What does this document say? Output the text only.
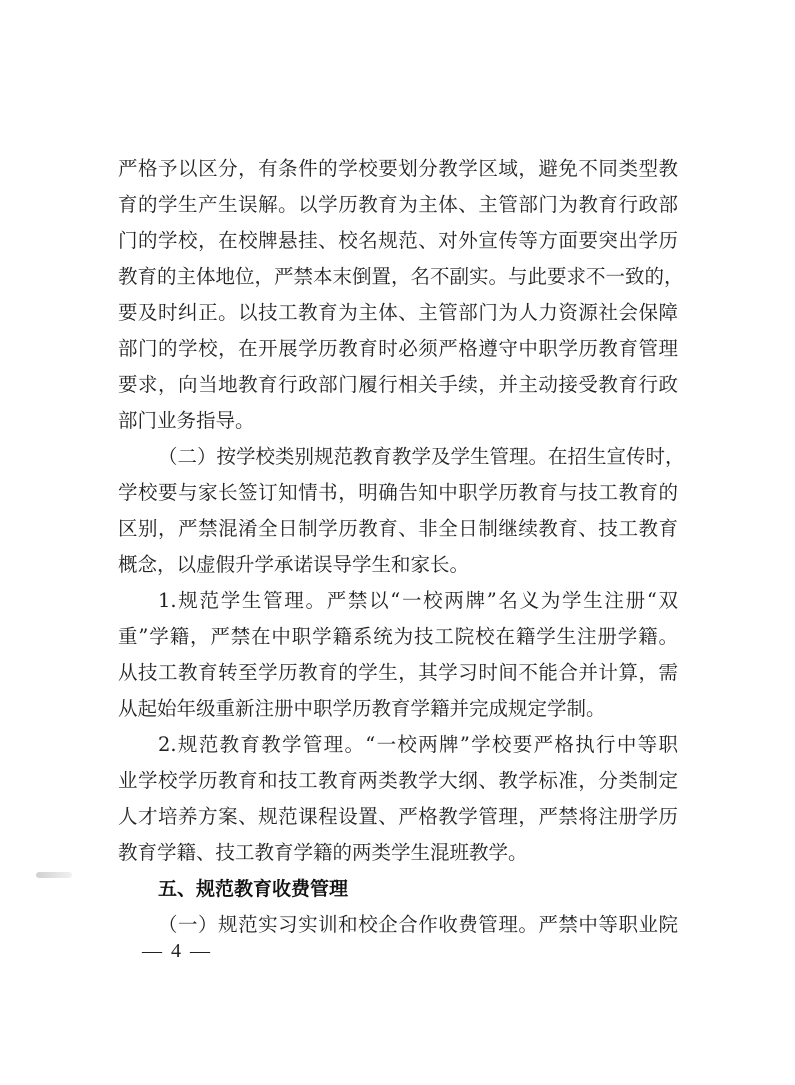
严格予以区分，有条件的学校要划分教学区域，避免不同类型教
育的学生产生误解。以学历教育为主体、主管部门为教育行政部
门的学校，在校牌悬挂、校名规范、对外宣传等方面要突出学历
教育的主体地位，严禁本末倒置，名不副实。与此要求不一致的，
要及时纠正。以技工教育为主体、主管部门为人力资源社会保障
部门的学校，在开展学历教育时必须严格遵守中职学历教育管理
要求，向当地教育行政部门履行相关手续，并主动接受教育行政
部门业务指导。
（二）按学校类别规范教育教学及学生管理。在招生宣传时，
学校要与家长签订知情书，明确告知中职学历教育与技工教育的
区别，严禁混淆全日制学历教育、非全日制继续教育、技工教育
概念，以虚假升学承诺误导学生和家长。
1.规范学生管理。严禁以“一校两牌”名义为学生注册“双
重”学籍，严禁在中职学籍系统为技工院校在籍学生注册学籍。
从技工教育转至学历教育的学生，其学习时间不能合并计算，需
从起始年级重新注册中职学历教育学籍并完成规定学制。
2.规范教育教学管理。“一校两牌”学校要严格执行中等职
业学校学历教育和技工教育两类教学大纲、教学标准，分类制定
人才培养方案、规范课程设置、严格教学管理，严禁将注册学历
教育学籍、技工教育学籍的两类学生混班教学。
五、规范教育收费管理
（一）规范实习实训和校企合作收费管理。严禁中等职业院
— 4 —
